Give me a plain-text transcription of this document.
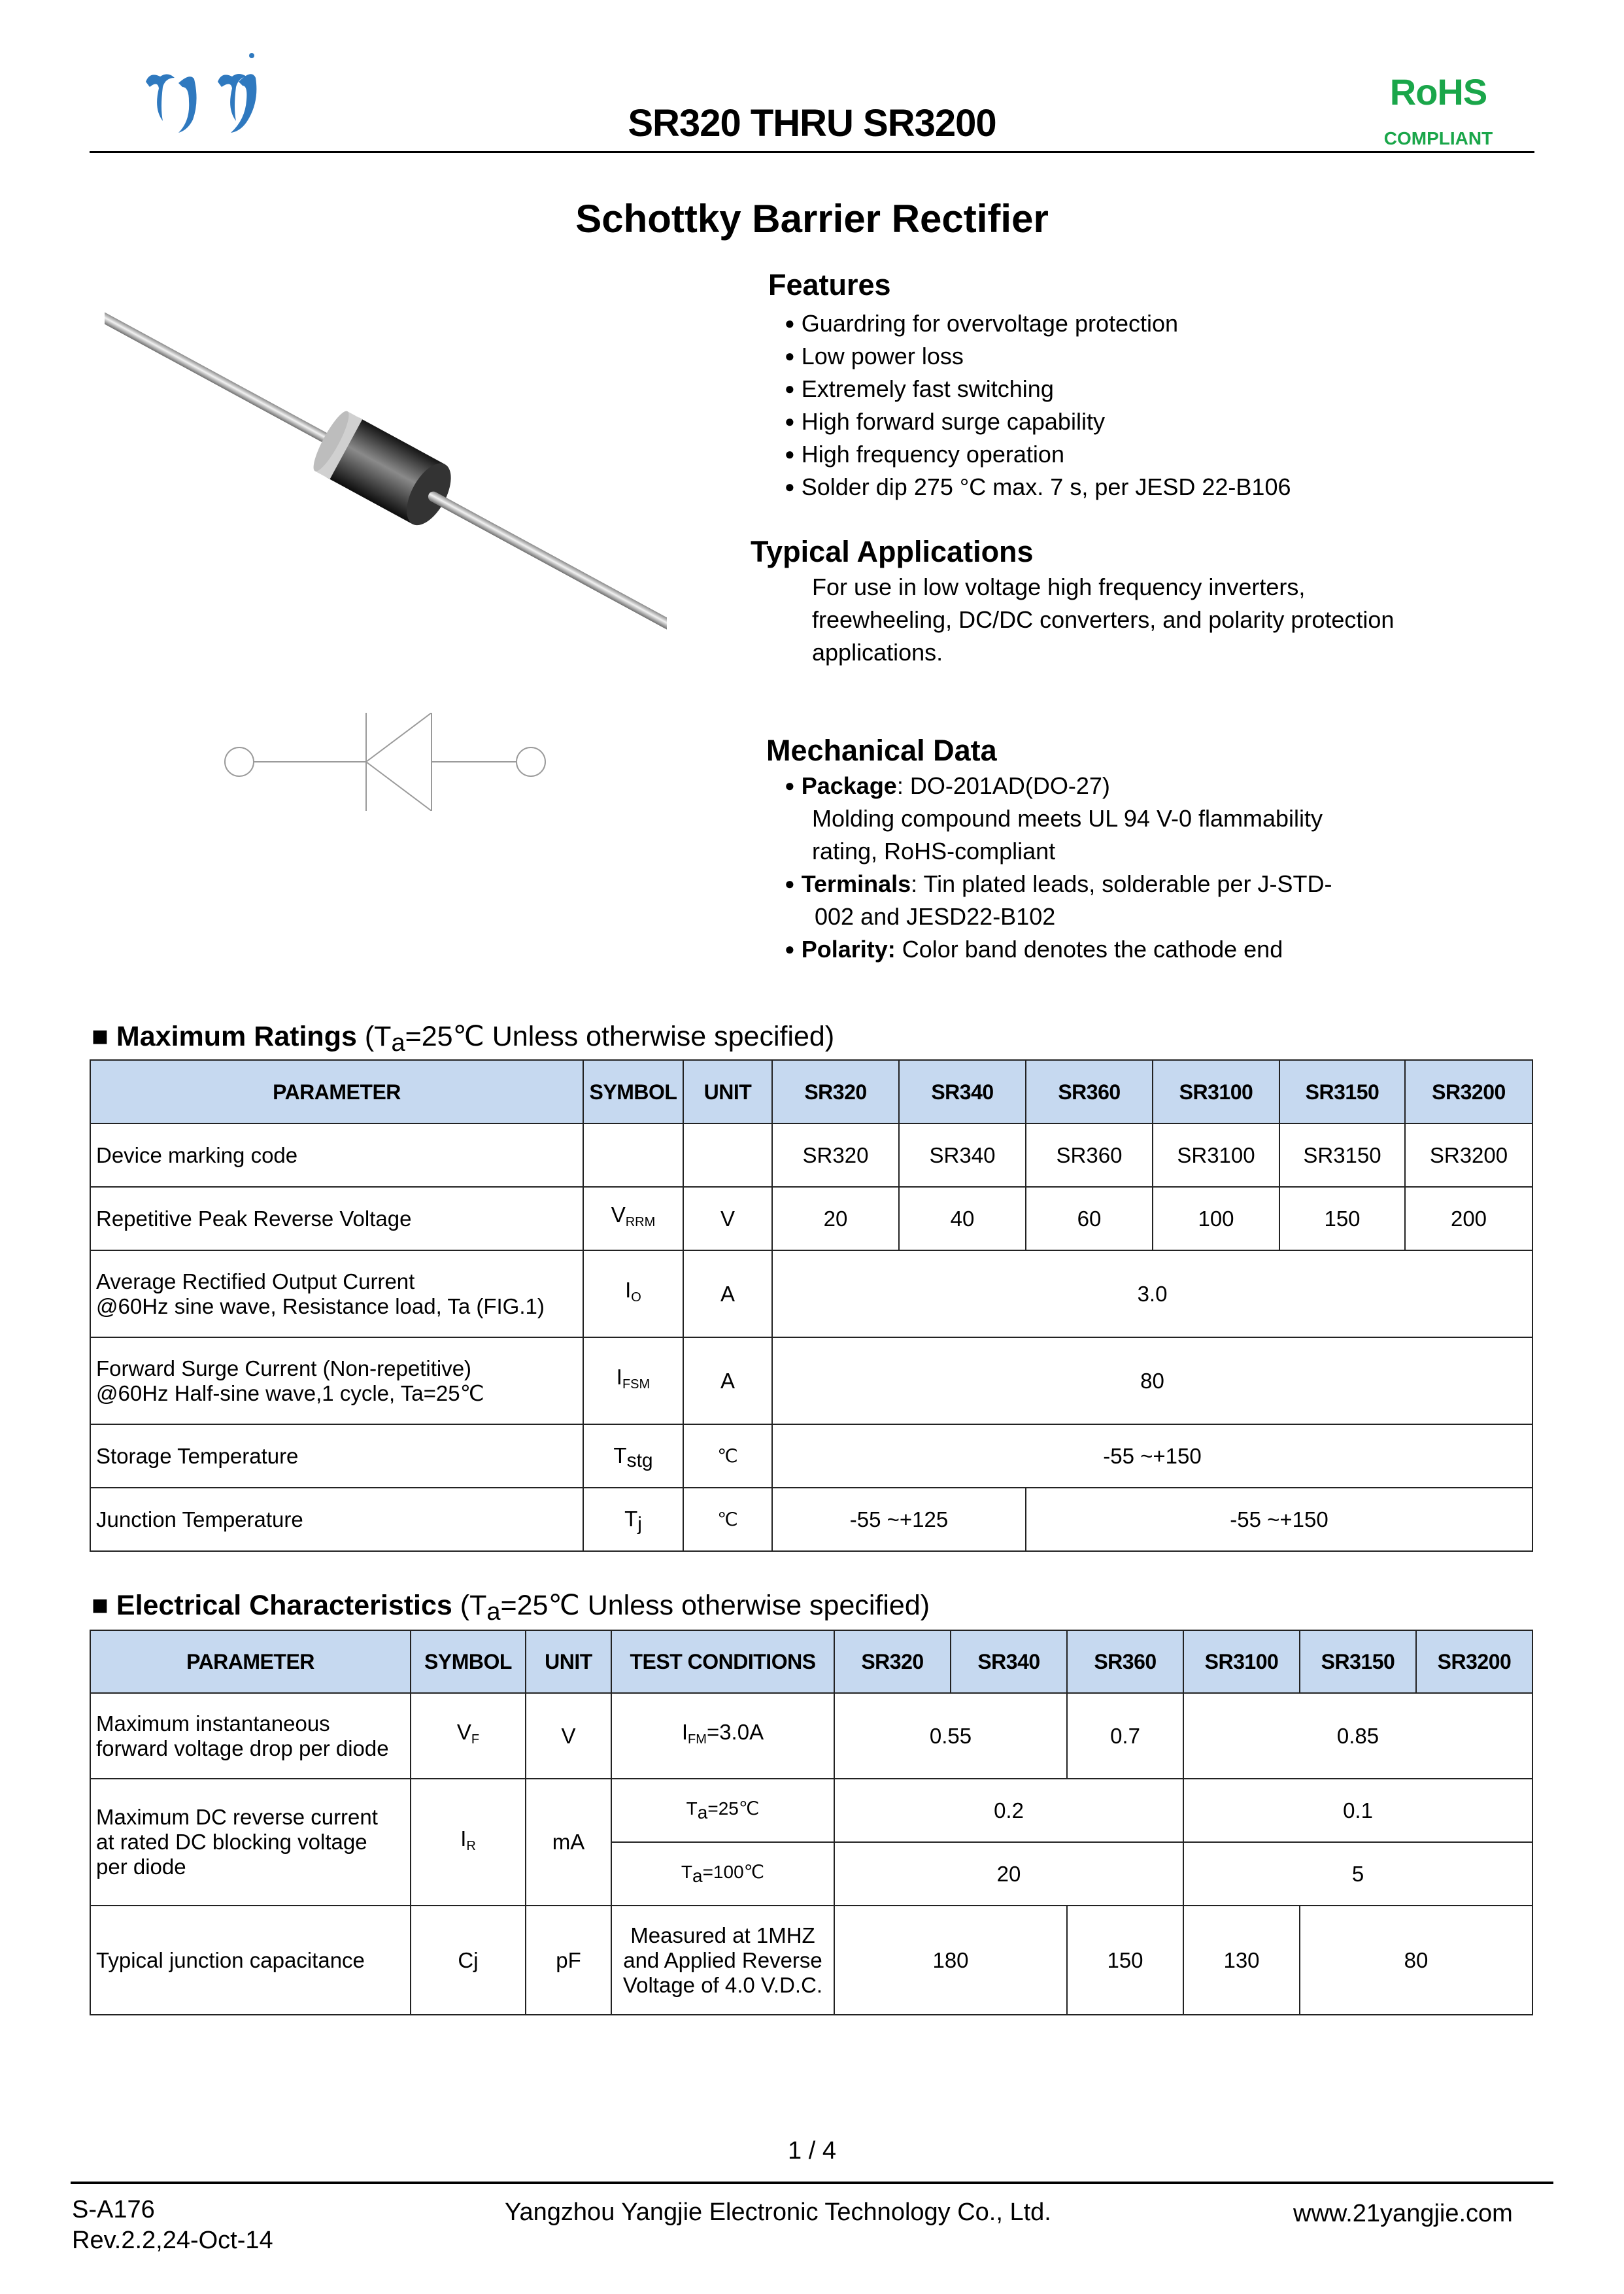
SR320 THRU SR3200
RoHS
COMPLIANT
Schottky Barrier Rectifier
Features
● Guardring for overvoltage protection
● Low power loss
● Extremely fast switching
● High forward surge capability
● High frequency operation
● Solder dip 275 °C max. 7 s, per JESD 22-B106
Typical Applications
For use in low voltage high frequency inverters,
freewheeling, DC/DC converters, and polarity protection
applications.
Mechanical Data
● Package: DO-201AD(DO-27)
Molding compound meets UL 94 V-0 flammability
rating, RoHS-compliant
● Terminals: Tin plated leads, solderable per J-STD-
002 and JESD22-B102
● Polarity: Color band denotes the cathode end
■ Maximum Ratings ($T_a=25℃$ Unless otherwise specified)
PARAMETER	SYMBOL	UNIT	SR320	SR340	SR360	SR3100	SR3150	SR3200
Device marking code			SR320	SR340	SR360	SR3100	SR3150	SR3200
Repetitive Peak Reverse Voltage	$V_{RRM}$	V	20	40	60	100	150	200

Average Rectified Output Current
@60Hz sine wave, Resistance load, Ta (FIG.1)	$I_O$	A	3.0					

Forward Surge Current (Non-repetitive)
@60Hz Half-sine wave,1 cycle, Ta=25℃	$I_{FSM}$	A	80					
Storage Temperature	Tstg	℃	-55 ~+150					
Junction Temperature	Tj	℃	-55 ~+125		-55 ~+150			
■ Electrical Characteristics ($T_a=25℃$ Unless otherwise specified)
PARAMETER	SYMBOL	UNIT	TEST CONDITIONS	SR320	SR340	SR360	SR3100	SR3150	SR3200

Maximum instantaneous
forward voltage drop per diode	$V_F$	V	$I_{FM}=3.0A$	0.55		0.7	0.85		

Maximum DC reverse current
at rated DC blocking voltage
per diode	$I_R$	mA	$T_a=25℃$	0.2			0.1		
			$T_a=100℃$	20			5		
Typical junction capacitance	Cj	pF	Measured at 1MHZ
and Applied Reverse
Voltage of 4.0 V.D.C.	180		150	130	80	
1 / 4
S-A176
Rev.2.2,24-Oct-14
Yangzhou Yangjie Electronic Technology Co., Ltd.	www.21yangjie.com
